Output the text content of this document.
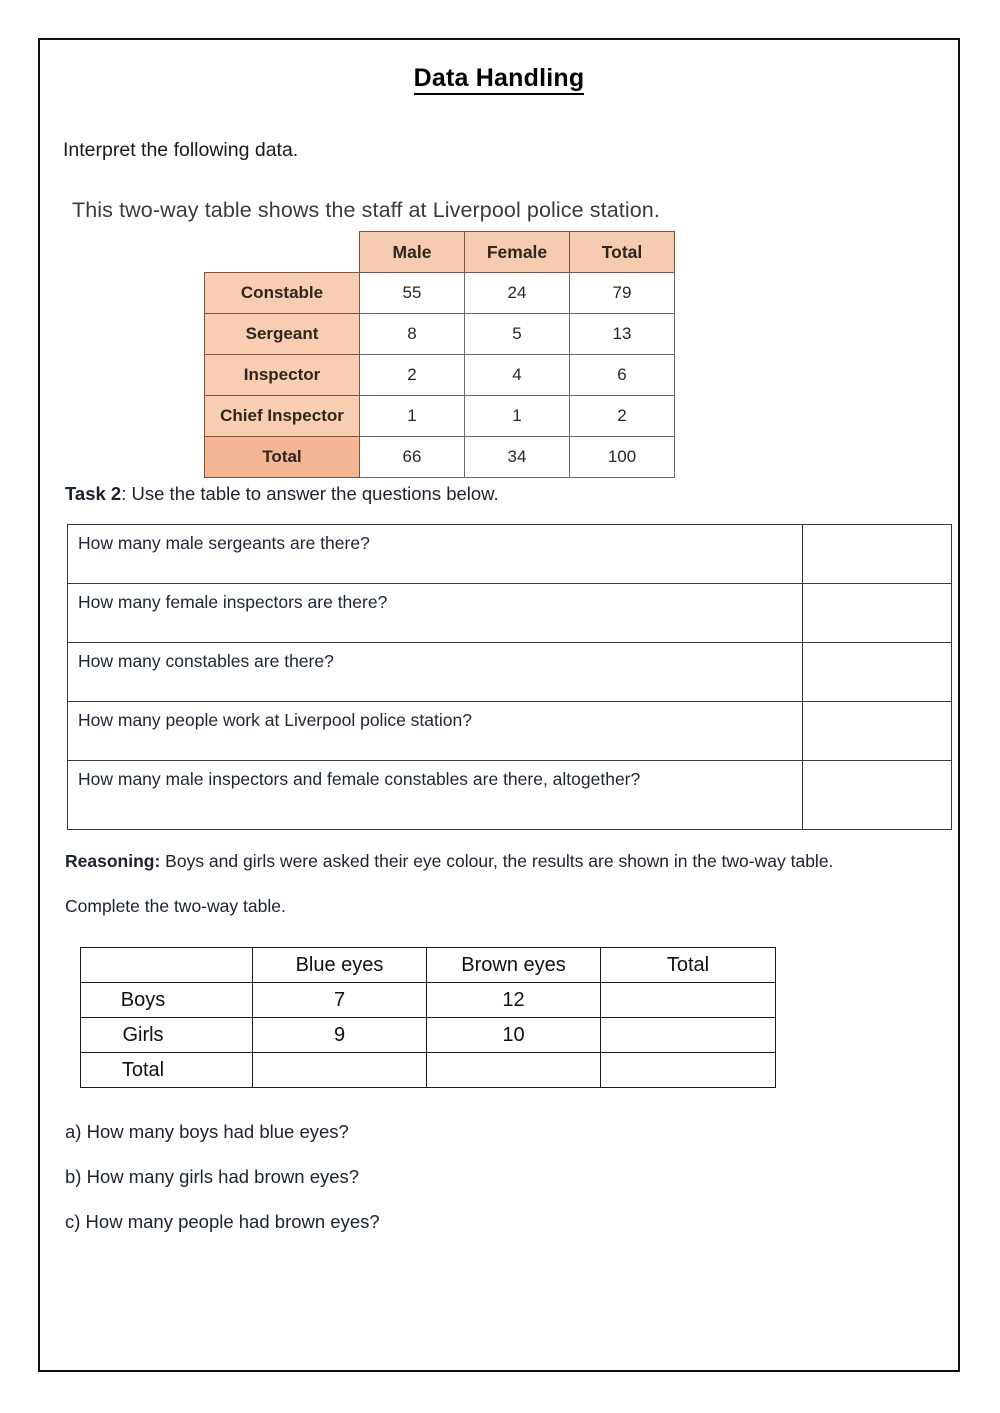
Data Handling
Interpret the following data.
This two-way table shows the staff at Liverpool police station.
	Male	Female	Total
Constable	55	24	79
Sergeant	8	5	13
Inspector	2	4	6
Chief Inspector	1	1	2
Total	66	34	100
Task 2: Use the table to answer the questions below.
How many male sergeants are there?	
How many female inspectors are there?	
How many constables are there?	
How many people work at Liverpool police station?	
How many male inspectors and female constables are there, altogether?	
Reasoning: Boys and girls were asked their eye colour, the results are shown in the two-way table.
Complete the two-way table.
	Blue eyes	Brown eyes	Total
Boys	7	12	
Girls	9	10	
Total			
a) How many boys had blue eyes?
b) How many girls had brown eyes?
c) How many people had brown eyes?
